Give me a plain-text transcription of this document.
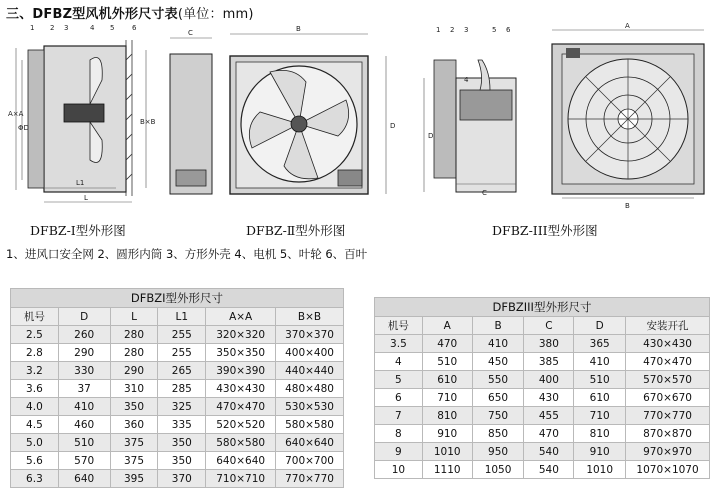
三、DFBZ型风机外形尺寸表(单位：mm)
1 2 3	4 5	6
A×A
ΦD
B×B
L1
L
C	B
D
1 2 3
4
5 6	A
B
C
D
DFBZ-Ⅰ型外形图	DFBZ-Ⅱ型外形图	DFBZ-III型外形图
1、进风口安全网 2、圆形内筒 3、方形外壳 4、电机 5、叶轮 6、百叶
DFBZⅠ型外形尺寸
机号	D	L	L1	A×A	B×B
2.5	260	280	255	320×320	370×370
2.8	290	280	255	350×350	400×400
3.2	330	290	265	390×390	440×440
3.6	37	310	285	430×430	480×480
4.0	410	350	325	470×470	530×530
4.5	460	360	335	520×520	580×580
5.0	510	375	350	580×580	640×640
5.6	570	375	350	640×640	700×700
6.3	640	395	370	710×710	770×770
DFBZIII型外形尺寸
机号	A	B	C	D	安装开孔
3.5	470	410	380	365	430×430
4	510	450	385	410	470×470
5	610	550	400	510	570×570
6	710	650	430	610	670×670
7	810	750	455	710	770×770
8	910	850	470	810	870×870
9	1010	950	540	910	970×970
10	1110	1050	540	1010	1070×1070
